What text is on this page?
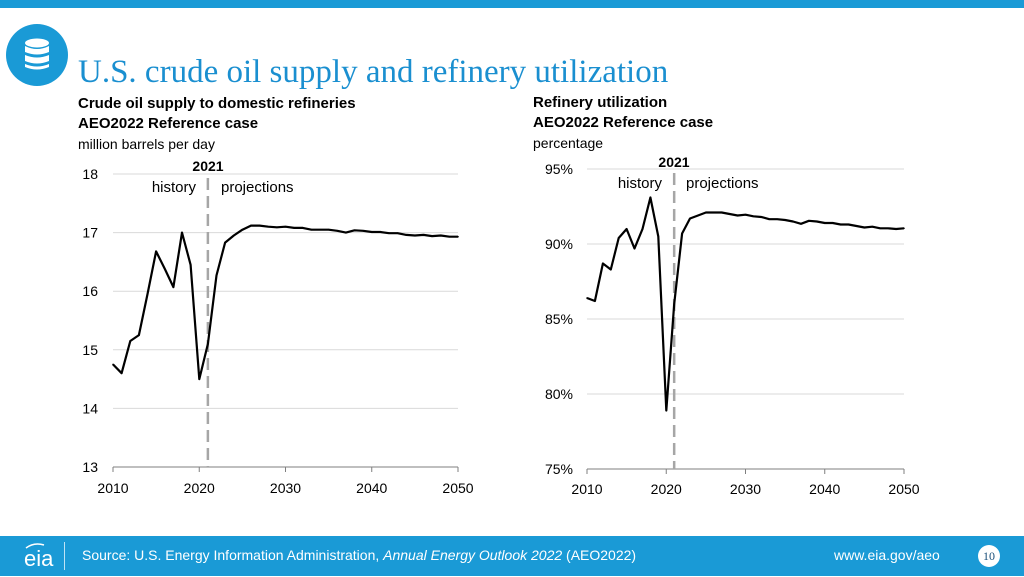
U.S. crude oil supply and refinery utilization
Crude oil supply to domestic refineries
AEO2022 Reference case
million barrels per day
Refinery utilization
AEO2022 Reference case
percentage
13
14
15
16
17
18
2010	2020	2030	2040	2050
2021
history projections
75%
80%
85%
90%
95%
2010	2020	2030	2040	2050
2021
history projections
eia Source: U.S. Energy Information Administration, Annual Energy Outlook 2022 (AEO2022)	www.eia.gov/aeo	10
